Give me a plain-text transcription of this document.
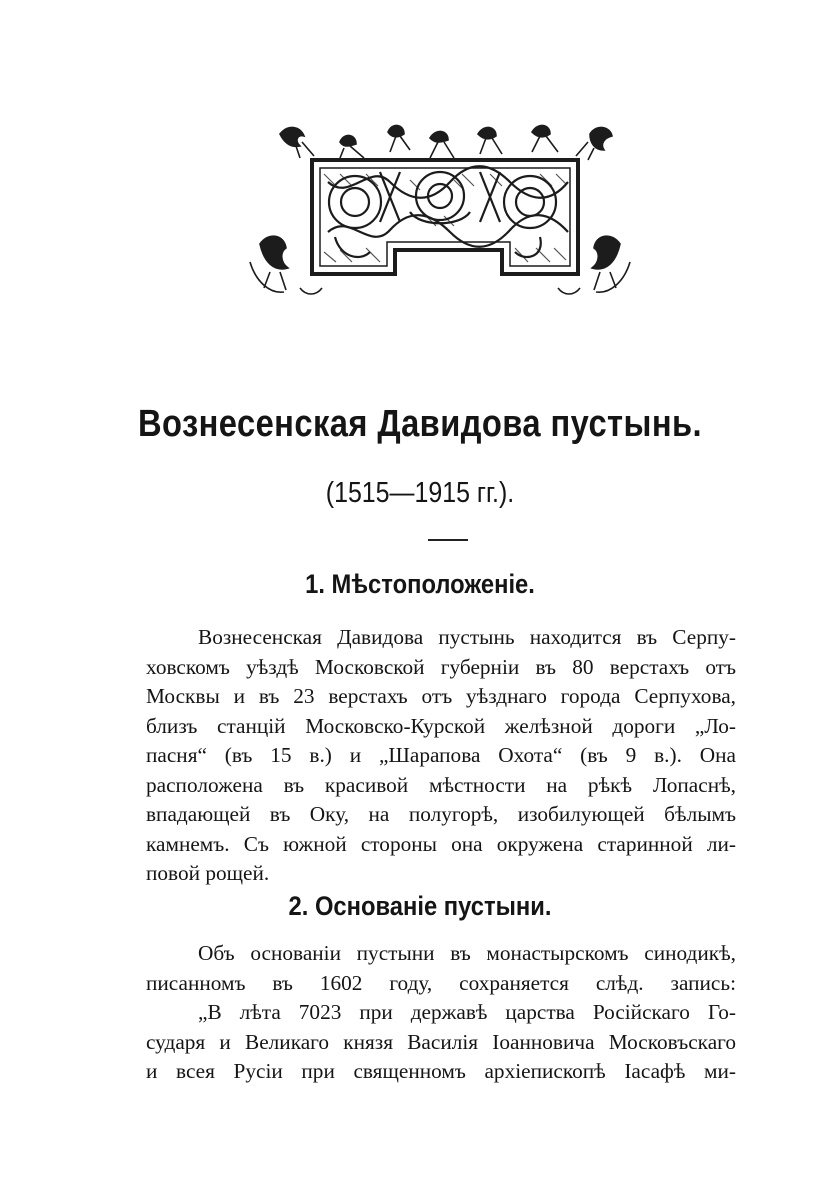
Вознесенская Давидова пустынь.
(1515—1915 гг.).
1. Мѣстоположеніе.
Вознесенская Давидова пустынь находится въ Серпу-
ховскомъ уѣздѣ Московской губерніи въ 80 верстахъ отъ
Москвы и въ 23 верстахъ отъ уѣзднаго города Серпухова,
близъ станцій Московско-Курской желѣзной дороги „Ло-
пасня“ (въ 15 в.) и „Шарапова Охота“ (въ 9 в.). Она
расположена въ красивой мѣстности на рѣкѣ Лопаснѣ,
впадающей въ Оку, на полугорѣ, изобилующей бѣлымъ
камнемъ. Съ южной стороны она окружена старинной ли-
повой рощей.
2. Основаніе пустыни.
Объ основаніи пустыни въ монастырскомъ синодикѣ,
писанномъ въ 1602 году, сохраняется слѣд. запись:
„В лѣта 7023 при державѣ царства Російскаго Го-
сударя и Великаго князя Василія Іоанновича Московъскаго
и всея Русіи при священномъ архіепископѣ Іасафѣ ми-
